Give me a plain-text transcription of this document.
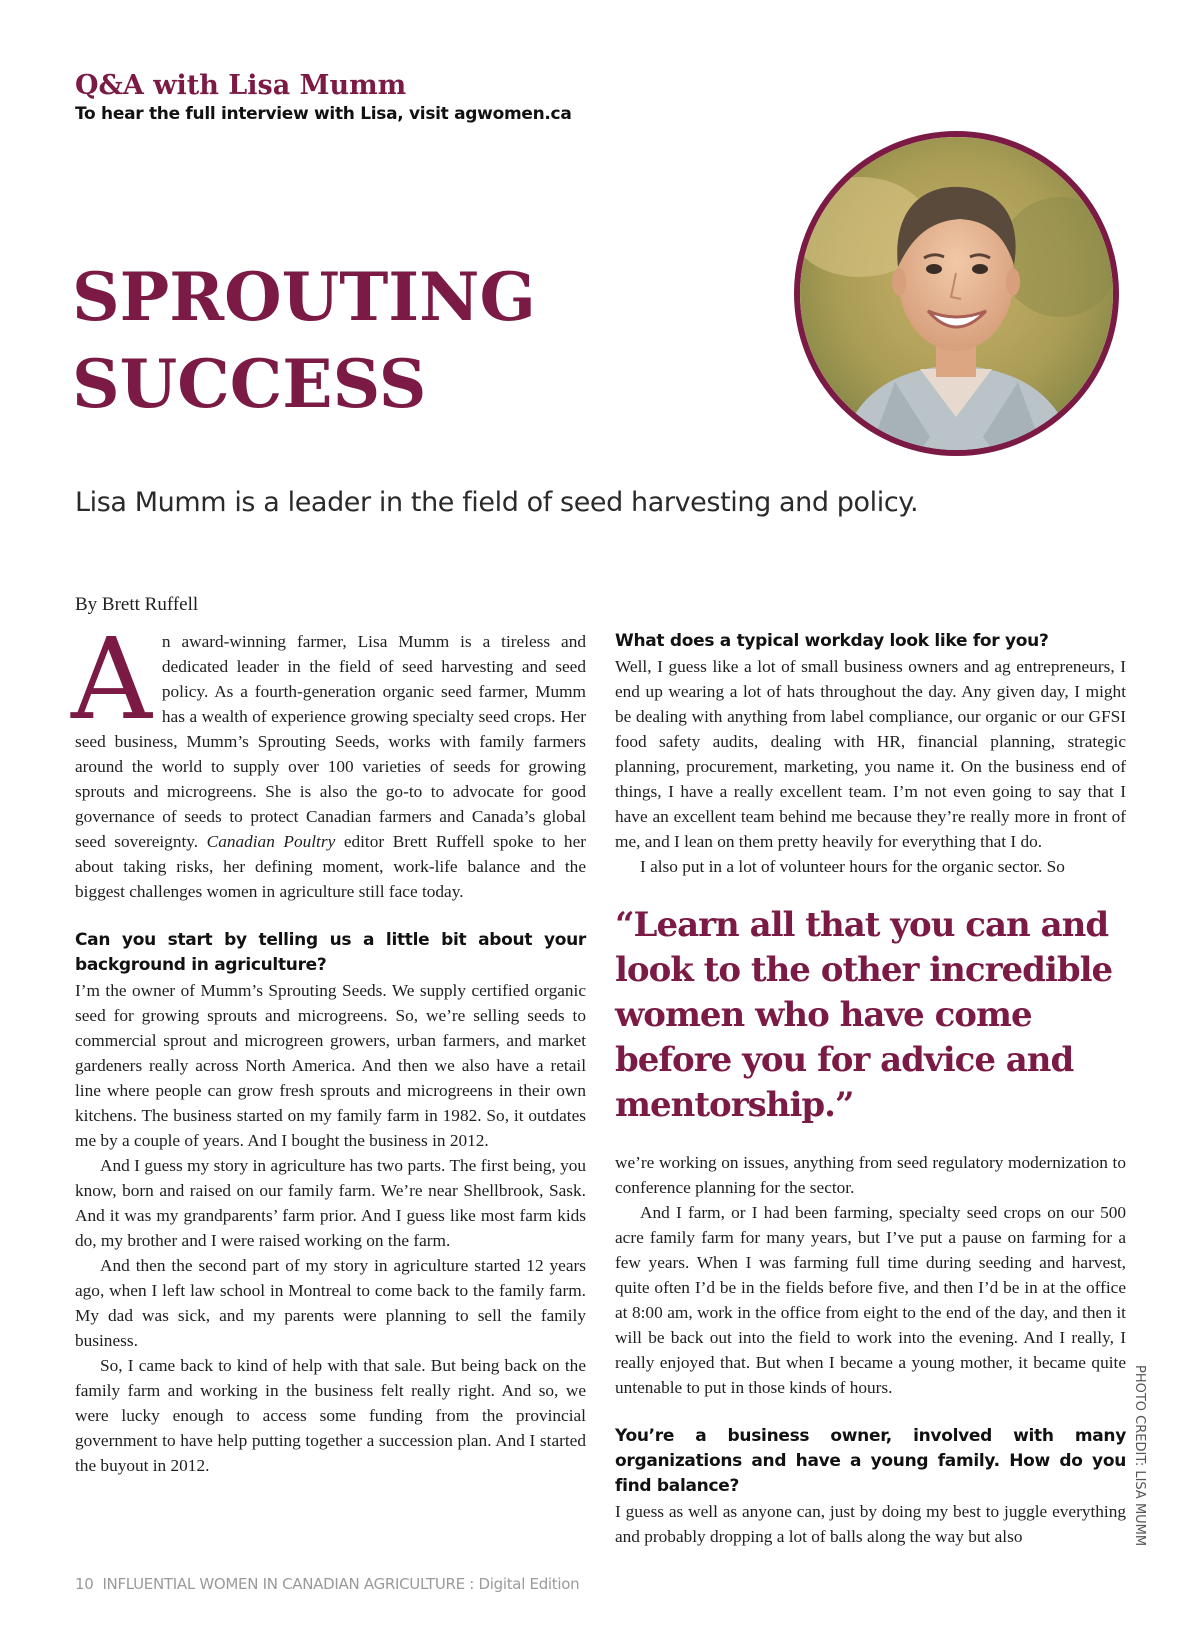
Q&A with Lisa Mumm

To hear the full interview with Lisa, visit agwomen.ca

SPROUTING
SUCCESS
Lisa Mumm is a leader in the field of seed harvesting and policy.

By Brett Ruffell

An award-winning farmer, Lisa Mumm is a tireless and dedicated leader in the field of seed harvesting and seed policy. As a fourth-generation organic seed farmer, Mumm has a wealth of experience growing specialty seed crops. Her seed business, Mumm’s Sprouting Seeds, works with family farmers around the world to supply over 100 varieties of seeds for growing sprouts and microgreens. She is also the go-to to advocate for good governance of seeds to protect Canadian farmers and Canada’s global seed sovereignty. Canadian Poultry editor Brett Ruffell spoke to her about taking risks, her defining moment, work-life balance and the biggest challenges women in agriculture still face today.

Can you start by telling us a little bit about your background in agriculture?

I’m the owner of Mumm’s Sprouting Seeds. We supply certified organic seed for growing sprouts and microgreens. So, we’re selling seeds to commercial sprout and microgreen growers, urban farmers, and market gardeners really across North America. And then we also have a retail line where people can grow fresh sprouts and microgreens in their own kitchens. The business started on my family farm in 1982. So, it outdates me by a couple of years. And I bought the business in 2012.

And I guess my story in agriculture has two parts. The first being, you know, born and raised on our family farm. We’re near Shellbrook, Sask. And it was my grandparents’ farm prior. And I guess like most farm kids do, my brother and I were raised working on the farm.

And then the second part of my story in agriculture started 12 years ago, when I left law school in Montreal to come back to the family farm. My dad was sick, and my parents were planning to sell the family business.

So, I came back to kind of help with that sale. But being back on the family farm and working in the business felt really right. And so, we were lucky enough to access some funding from the provincial government to have help putting together a succession plan. And I started the buyout in 2012.

What does a typical workday look like for you?

Well, I guess like a lot of small business owners and ag entrepreneurs, I end up wearing a lot of hats throughout the day. Any given day, I might be dealing with anything from label compliance, our organic or our GFSI food safety audits, dealing with HR, financial planning, strategic planning, procurement, marketing, you name it. On the business end of things, I have a really excellent team. I’m not even going to say that I have an excellent team behind me because they’re really more in front of me, and I lean on them pretty heavily for everything that I do.

I also put in a lot of volunteer hours for the organic sector. So

“Learn all that you can and look to the other incredible women who have come before you for advice and mentorship.”

we’re working on issues, anything from seed regulatory modernization to conference planning for the sector.

And I farm, or I had been farming, specialty seed crops on our 500 acre family farm for many years, but I’ve put a pause on farming for a few years. When I was farming full time during seeding and harvest, quite often I’d be in the fields before five, and then I’d be in at the office at 8:00 am, work in the office from eight to the end of the day, and then it will be back out into the field to work into the evening. And I really, I really enjoyed that. But when I became a young mother, it became quite untenable to put in those kinds of hours.

You’re a business owner, involved with many organizations and have a young family. How do you find balance?

I guess as well as anyone can, just by doing my best to juggle everything and probably dropping a lot of balls along the way but also	PHOTO CREDIT: LISA MUMM

10 INFLUENTIAL WOMEN IN CANADIAN AGRICULTURE : Digital Edition
